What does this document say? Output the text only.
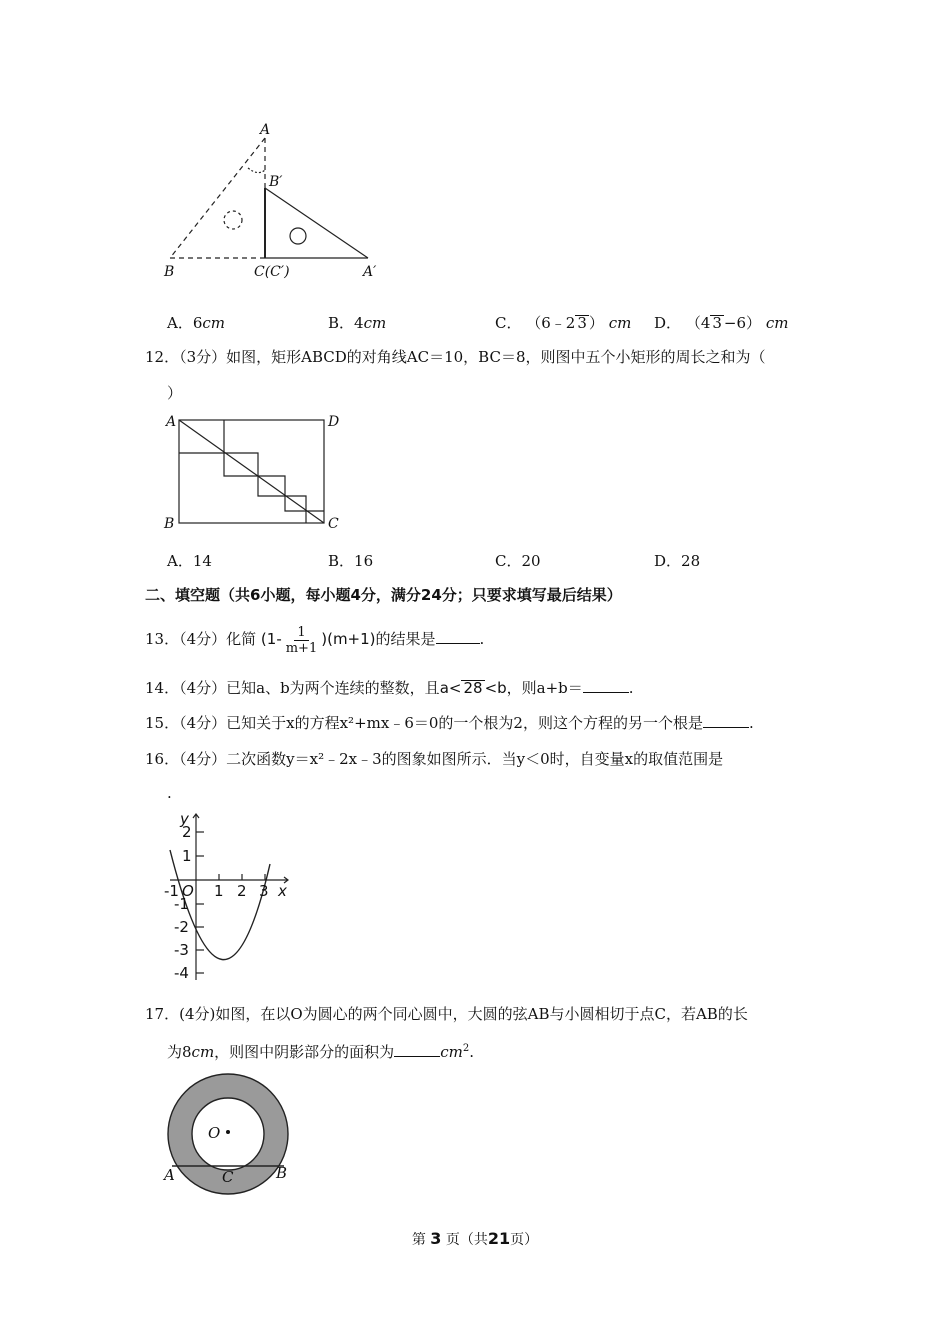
A
B′
B	C(C′)	A′
A．6cm	B．4cm	C． （6﹣2 3 ） cm D． （4 3 −6） cm
12．（3分）如图，矩形ABCD的对角线AC＝10，BC＝8，则图中五个小矩形的周长之和为（
）
A	D
B	C
A．14	B．16	C．20	D．28
二、填空题（共6小题，每小题4分，满分24分；只要求填写最后结果）
13．（4分）化简 $(1- \frac{1}{m+1} )(m+1)$的结果是	.
14．（4分）已知a、b为两个连续的整数，且a< 28 <b，则a+b＝	.
15．（4分）已知关于x的方程x²+mx﹣6＝0的一个根为2，则这个方程的另一个根是	.
16．（4分）二次函数y＝x²﹣2x﹣3的图象如图所示．当y＜0时，自变量x的取值范围是
.
y
x
O
2
1
-1
-2
-3
-4
-1 1 2 3
17．(4分)如图，在以O为圆心的两个同心圆中，大圆的弦AB与小圆相切于点C，若AB的长
为8cm，则图中阴影部分的面积为	$cm^2$.
O
A	B
C
第 3 页（共21页）
